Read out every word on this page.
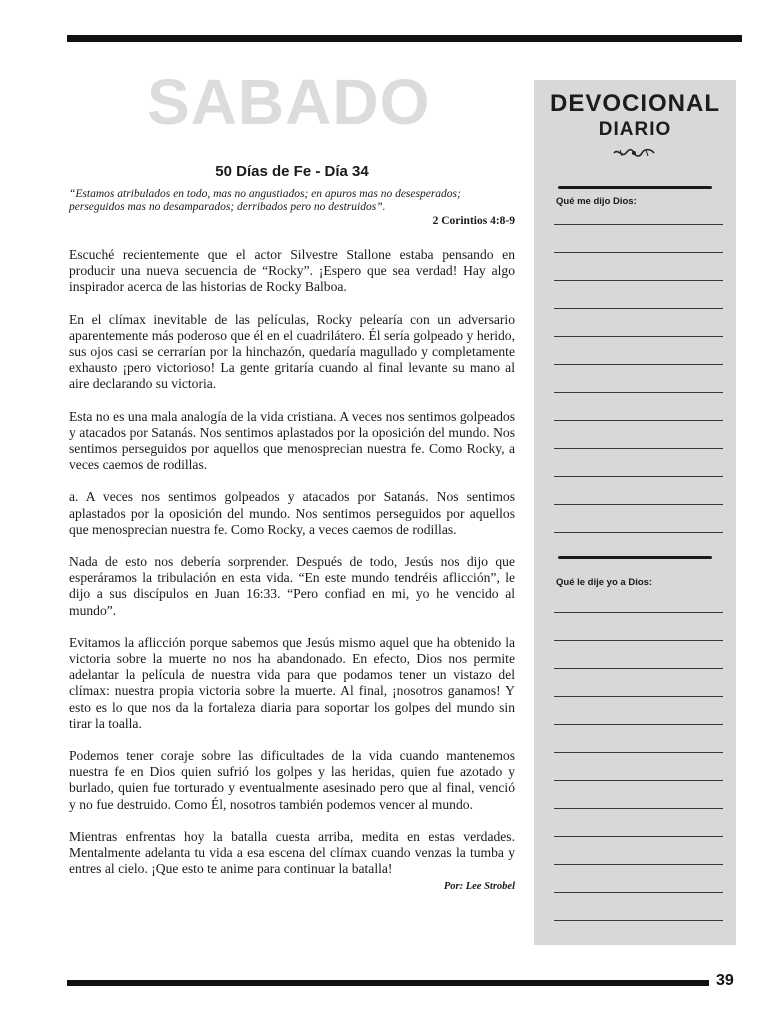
SABADO

50 Días de Fe - Día 34

“Estamos atribulados en todo, mas no angustiados; en apuros mas no desesperados; perseguidos mas no desamparados; derribados pero no destruidos”.

2 Corintios 4:8-9

Escuché recientemente que el actor Silvestre Stallone estaba pensando en producir una nueva secuencia de “Rocky”. ¡Espero que sea verdad! Hay algo inspirador acerca de las historias de Rocky Balboa.

En el clímax inevitable de las películas, Rocky pelearía con un adversario aparentemente más poderoso que él en el cuadrilátero. Él sería golpeado y herido, sus ojos casi se cerrarían por la hinchazón, quedaría magullado y completamente exhausto ¡pero victorioso! La gente gritaría cuando al final levante su mano al aire declarando su victoria.

Esta no es una mala analogía de la vida cristiana. A veces nos sentimos golpeados y atacados por Satanás. Nos sentimos aplastados por la oposición del mundo. Nos sentimos perseguidos por aquellos que menosprecian nuestra fe. Como Rocky, a veces caemos de rodillas.

a. A veces nos sentimos golpeados y atacados por Satanás. Nos sentimos aplastados por la oposición del mundo. Nos sentimos perseguidos por aquellos que menosprecian nuestra fe. Como Rocky, a veces caemos de rodillas.

Nada de esto nos debería sorprender. Después de todo, Jesús nos dijo que esperáramos la tribulación en esta vida. “En este mundo tendréis aflicción”, le dijo a sus discípulos en Juan 16:33. “Pero confiad en mi, yo he vencido al mundo”.

Evitamos la aflicción porque sabemos que Jesús mismo aquel que ha obtenido la victoria sobre la muerte no nos ha abandonado. En efecto, Dios nos permite adelantar la película de nuestra vida para que podamos tener un vistazo del clímax: nuestra propia victoria sobre la muerte. Al final, ¡nosotros ganamos! Y esto es lo que nos da la fortaleza diaria para soportar los golpes del mundo sin tirar la toalla.

Podemos tener coraje sobre las dificultades de la vida cuando mantenemos nuestra fe en Dios quien sufrió los golpes y las heridas, quien fue azotado y burlado, quien fue torturado y eventualmente asesinado pero que al final, venció y no fue destruido. Como Él, nosotros también podemos vencer al mundo.

Mientras enfrentas hoy la batalla cuesta arriba, medita en estas verdades. Mentalmente adelanta tu vida a esa escena del clímax cuando venzas la tumba y entres al cielo. ¡Que esto te anime para continuar la batalla!

Por: Lee Strobel

DEVOCIONAL
DIARIO
Qué me dijo Dios:
Qué le dije yo a Dios:
39
